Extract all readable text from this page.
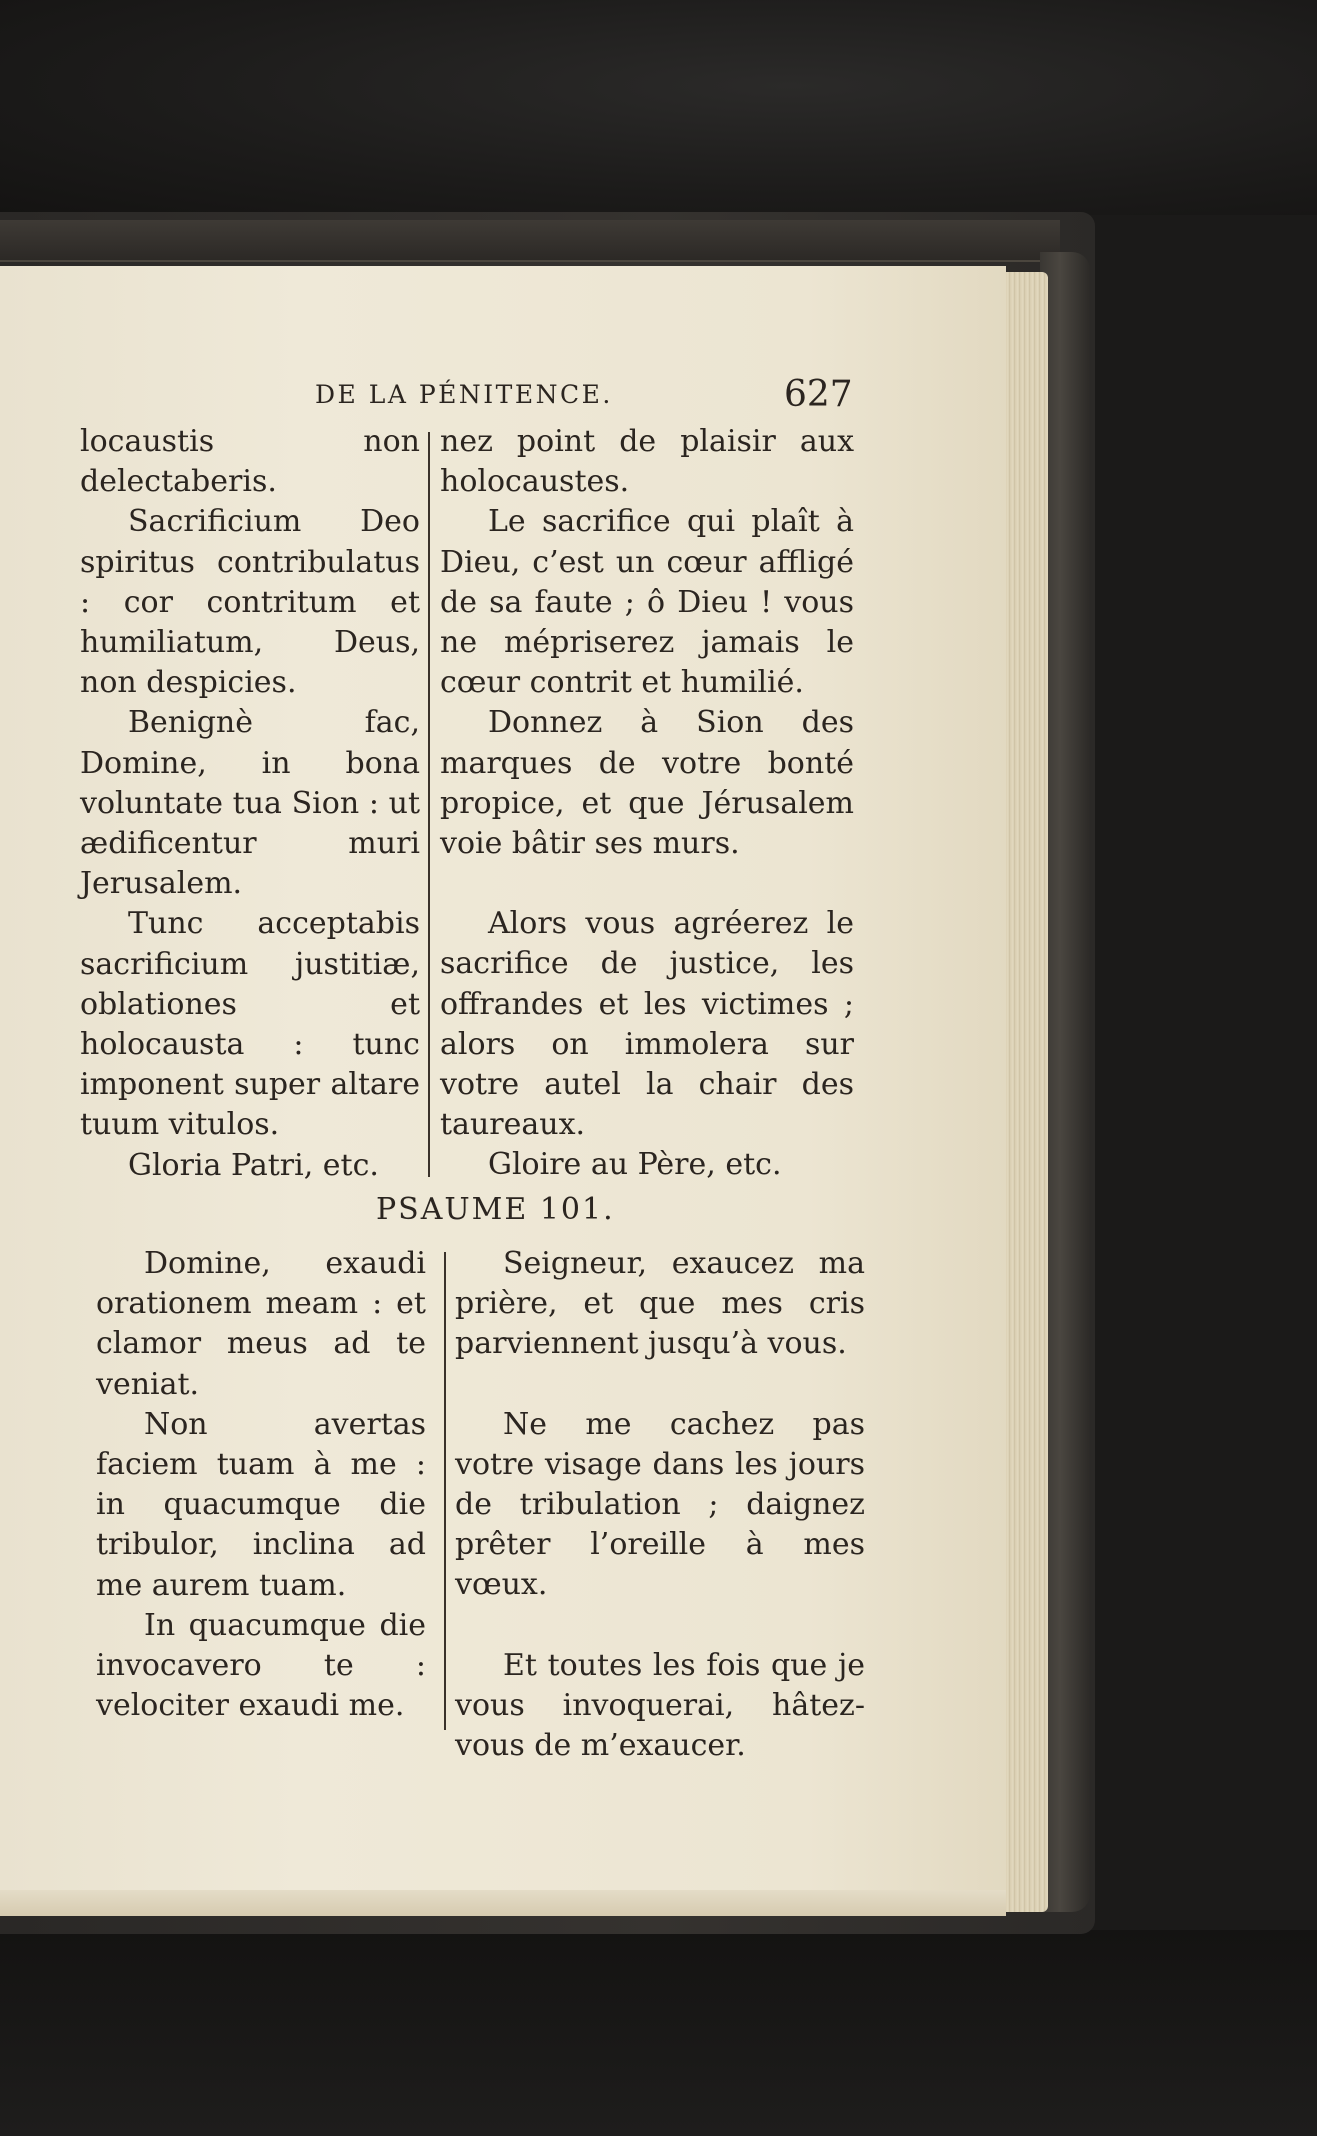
DE LA PÉNITENCE.	627

locaustis non delectaberis.

Sacrificium Deo spiritus contribulatus : cor contritum et humiliatum, Deus, non despicies.

Benignè fac, Domine, in bona voluntate tua Sion : ut ædificentur muri Jerusalem.

Tunc acceptabis sacrificium justitiæ, oblationes et holocausta : tunc imponent super altare tuum vitulos.

Gloria Patri, etc.

nez point de plaisir aux holocaustes.

Le sacrifice qui plaît à Dieu, c’est un cœur affligé de sa faute ; ô Dieu ! vous ne mépriserez jamais le cœur contrit et humilié.

Donnez à Sion des marques de votre bonté propice, et que Jérusalem voie bâtir ses murs.

Alors vous agréerez le sacrifice de justice, les offrandes et les victimes ; alors on immolera sur votre autel la chair des taureaux.

Gloire au Père, etc.

PSAUME 101.

Domine, exaudi orationem meam : et clamor meus ad te veniat.

Non avertas faciem tuam à me : in quacumque die tribulor, inclina ad me aurem tuam.

In quacumque die invocavero te : velociter exaudi me.

Seigneur, exaucez ma prière, et que mes cris parviennent jusqu’à vous.

Ne me cachez pas votre visage dans les jours de tribulation ; daignez prêter l’oreille à mes vœux.

Et toutes les fois que je vous invoquerai, hâtez-vous de m’exaucer.
